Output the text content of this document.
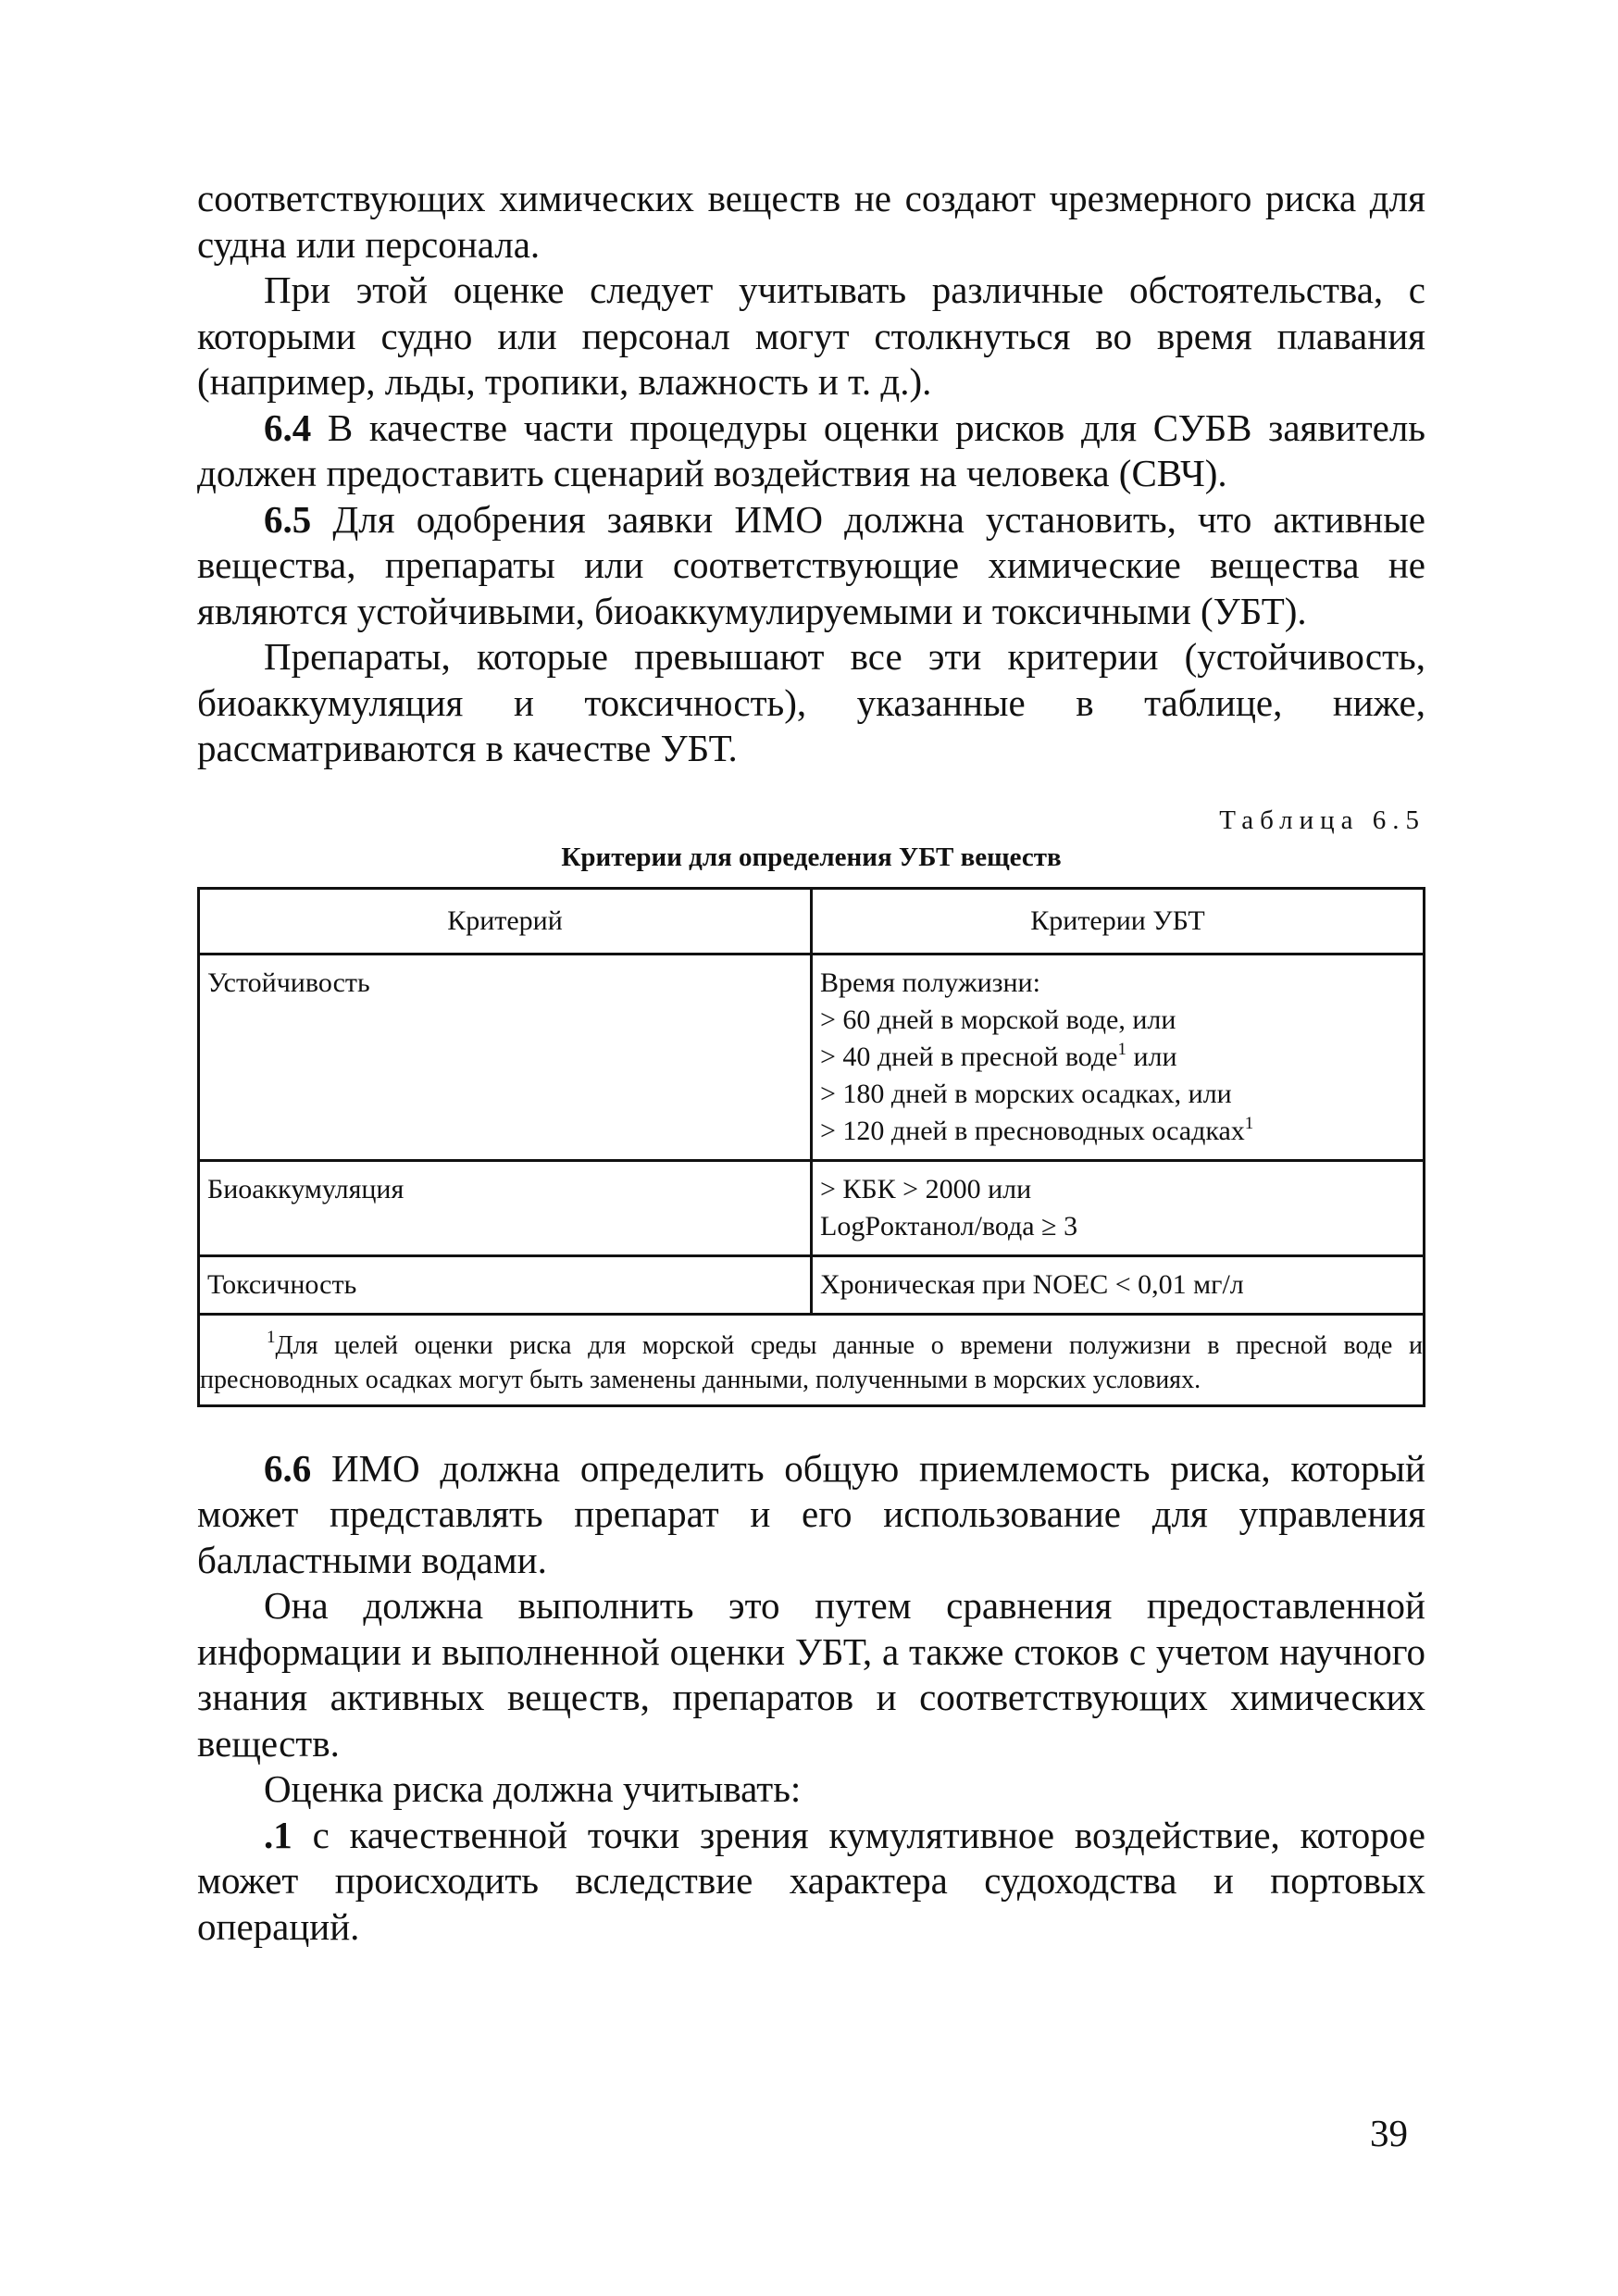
соответствующих химических веществ не создают чрезмерного риска для судна или персонала.

При этой оценке следует учитывать различные обстоятельства, с которыми судно или персонал могут столкнуться во время плавания (например, льды, тропики, влажность и т. д.).

6.4 В качестве части процедуры оценки рисков для СУБВ заявитель должен предоставить сценарий воздействия на человека (СВЧ).

6.5 Для одобрения заявки ИМО должна установить, что активные вещества, препараты или соответствующие химические вещества не являются устойчивыми, биоаккумулируемыми и токсичными (УБТ).

Препараты, которые превышают все эти критерии (устойчивость, биоаккумуляция и токсичность), указанные в таблице, ниже, рассматриваются в качестве УБТ.

Таблица 6.5
Критерии для определения УБТ веществ
Критерий	Критерии УБТ
Устойчивость	Время полужизни:
> 60 дней в морской воде, или
> 40 дней в пресной воде$^1$ или
> 180 дней в морских осадках, или
> 120 дней в пресноводных осадках$^1$

Биоаккумуляция	> КБК > 2000 или
LogPоктанол/вода ≥ 3

Токсичность	Хроническая при NOEC < 0,01 мг/л

$^1$Для целей оценки риска для морской среды данные о времени полужизни в пресной воде и пресноводных осадках могут быть заменены данными, полученными в морских условиях.	

6.6 ИМО должна определить общую приемлемость риска, который может представлять препарат и его использование для управления балластными водами.

Она должна выполнить это путем сравнения предоставленной информации и выполненной оценки УБТ, а также стоков с учетом научного знания активных веществ, препаратов и соответствующих химических веществ.

Оценка риска должна учитывать:

.1 с качественной точки зрения кумулятивное воздействие, которое может происходить вследствие характера судоходства и портовых операций.

39
